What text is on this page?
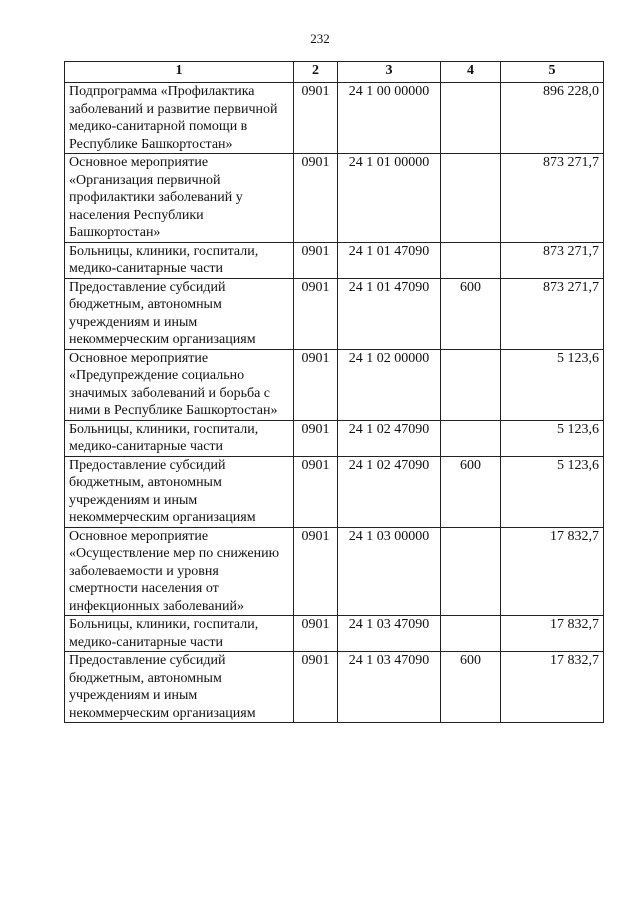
232
1	2	3	4	5
Подпрограмма «Профилактика заболеваний и развитие первичной медико-санитарной помощи в Республике Башкортостан»	0901	24 1 00 00000		896 228,0
Основное мероприятие «Организация первичной профилактики заболеваний у населения Республики Башкортостан»	0901	24 1 01 00000		873 271,7
Больницы, клиники, госпитали, медико-санитарные части	0901	24 1 01 47090		873 271,7
Предоставление субсидий бюджетным, автономным учреждениям и иным некоммерческим организациям	0901	24 1 01 47090	600	873 271,7
Основное мероприятие «Предупреждение социально значимых заболеваний и борьба с ними в Республике Башкортостан»	0901	24 1 02 00000		5 123,6
Больницы, клиники, госпитали, медико-санитарные части	0901	24 1 02 47090		5 123,6
Предоставление субсидий бюджетным, автономным учреждениям и иным некоммерческим организациям	0901	24 1 02 47090	600	5 123,6
Основное мероприятие «Осуществление мер по снижению заболеваемости и уровня смертности населения от инфекционных заболеваний»	0901	24 1 03 00000		17 832,7
Больницы, клиники, госпитали, медико-санитарные части	0901	24 1 03 47090		17 832,7
Предоставление субсидий бюджетным, автономным учреждениям и иным некоммерческим организациям	0901	24 1 03 47090	600	17 832,7
